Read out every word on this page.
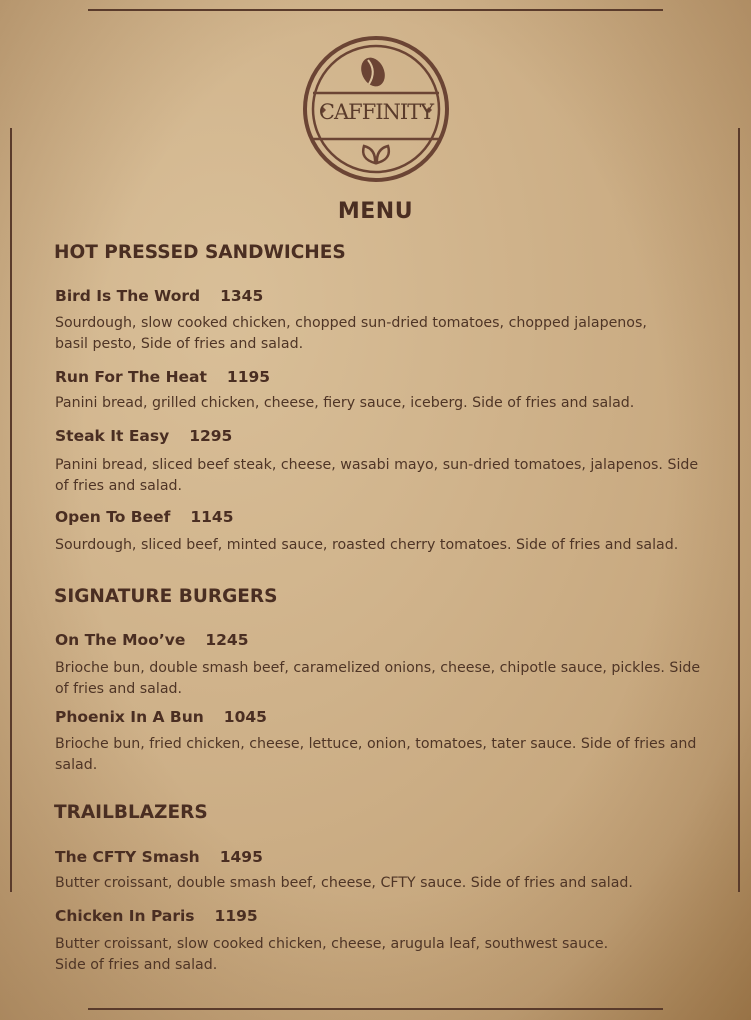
CAFFINITY
MENU
HOT PRESSED SANDWICHES
Bird Is The Word 1345
Sourdough, slow cooked chicken, chopped sun-dried tomatoes, chopped jalapenos,
basil pesto, Side of fries and salad.
Run For The Heat 1195
Panini bread, grilled chicken, cheese, fiery sauce, iceberg. Side of fries and salad.
Steak It Easy 1295
Panini bread, sliced beef steak, cheese, wasabi mayo, sun-dried tomatoes, jalapenos. Side of fries and salad.
Open To Beef 1145
Sourdough, sliced beef, minted sauce, roasted cherry tomatoes. Side of fries and salad.
SIGNATURE BURGERS
On The Moo’ve 1245
Brioche bun, double smash beef, caramelized onions, cheese, chipotle sauce, pickles. Side of fries and salad.
Phoenix In A Bun 1045
Brioche bun, fried chicken, cheese, lettuce, onion, tomatoes, tater sauce. Side of fries and salad.
TRAILBLAZERS
The CFTY Smash 1495
Butter croissant, double smash beef, cheese, CFTY sauce. Side of fries and salad.
Chicken In Paris 1195
Butter croissant, slow cooked chicken, cheese, arugula leaf, southwest sauce.
Side of fries and salad.
